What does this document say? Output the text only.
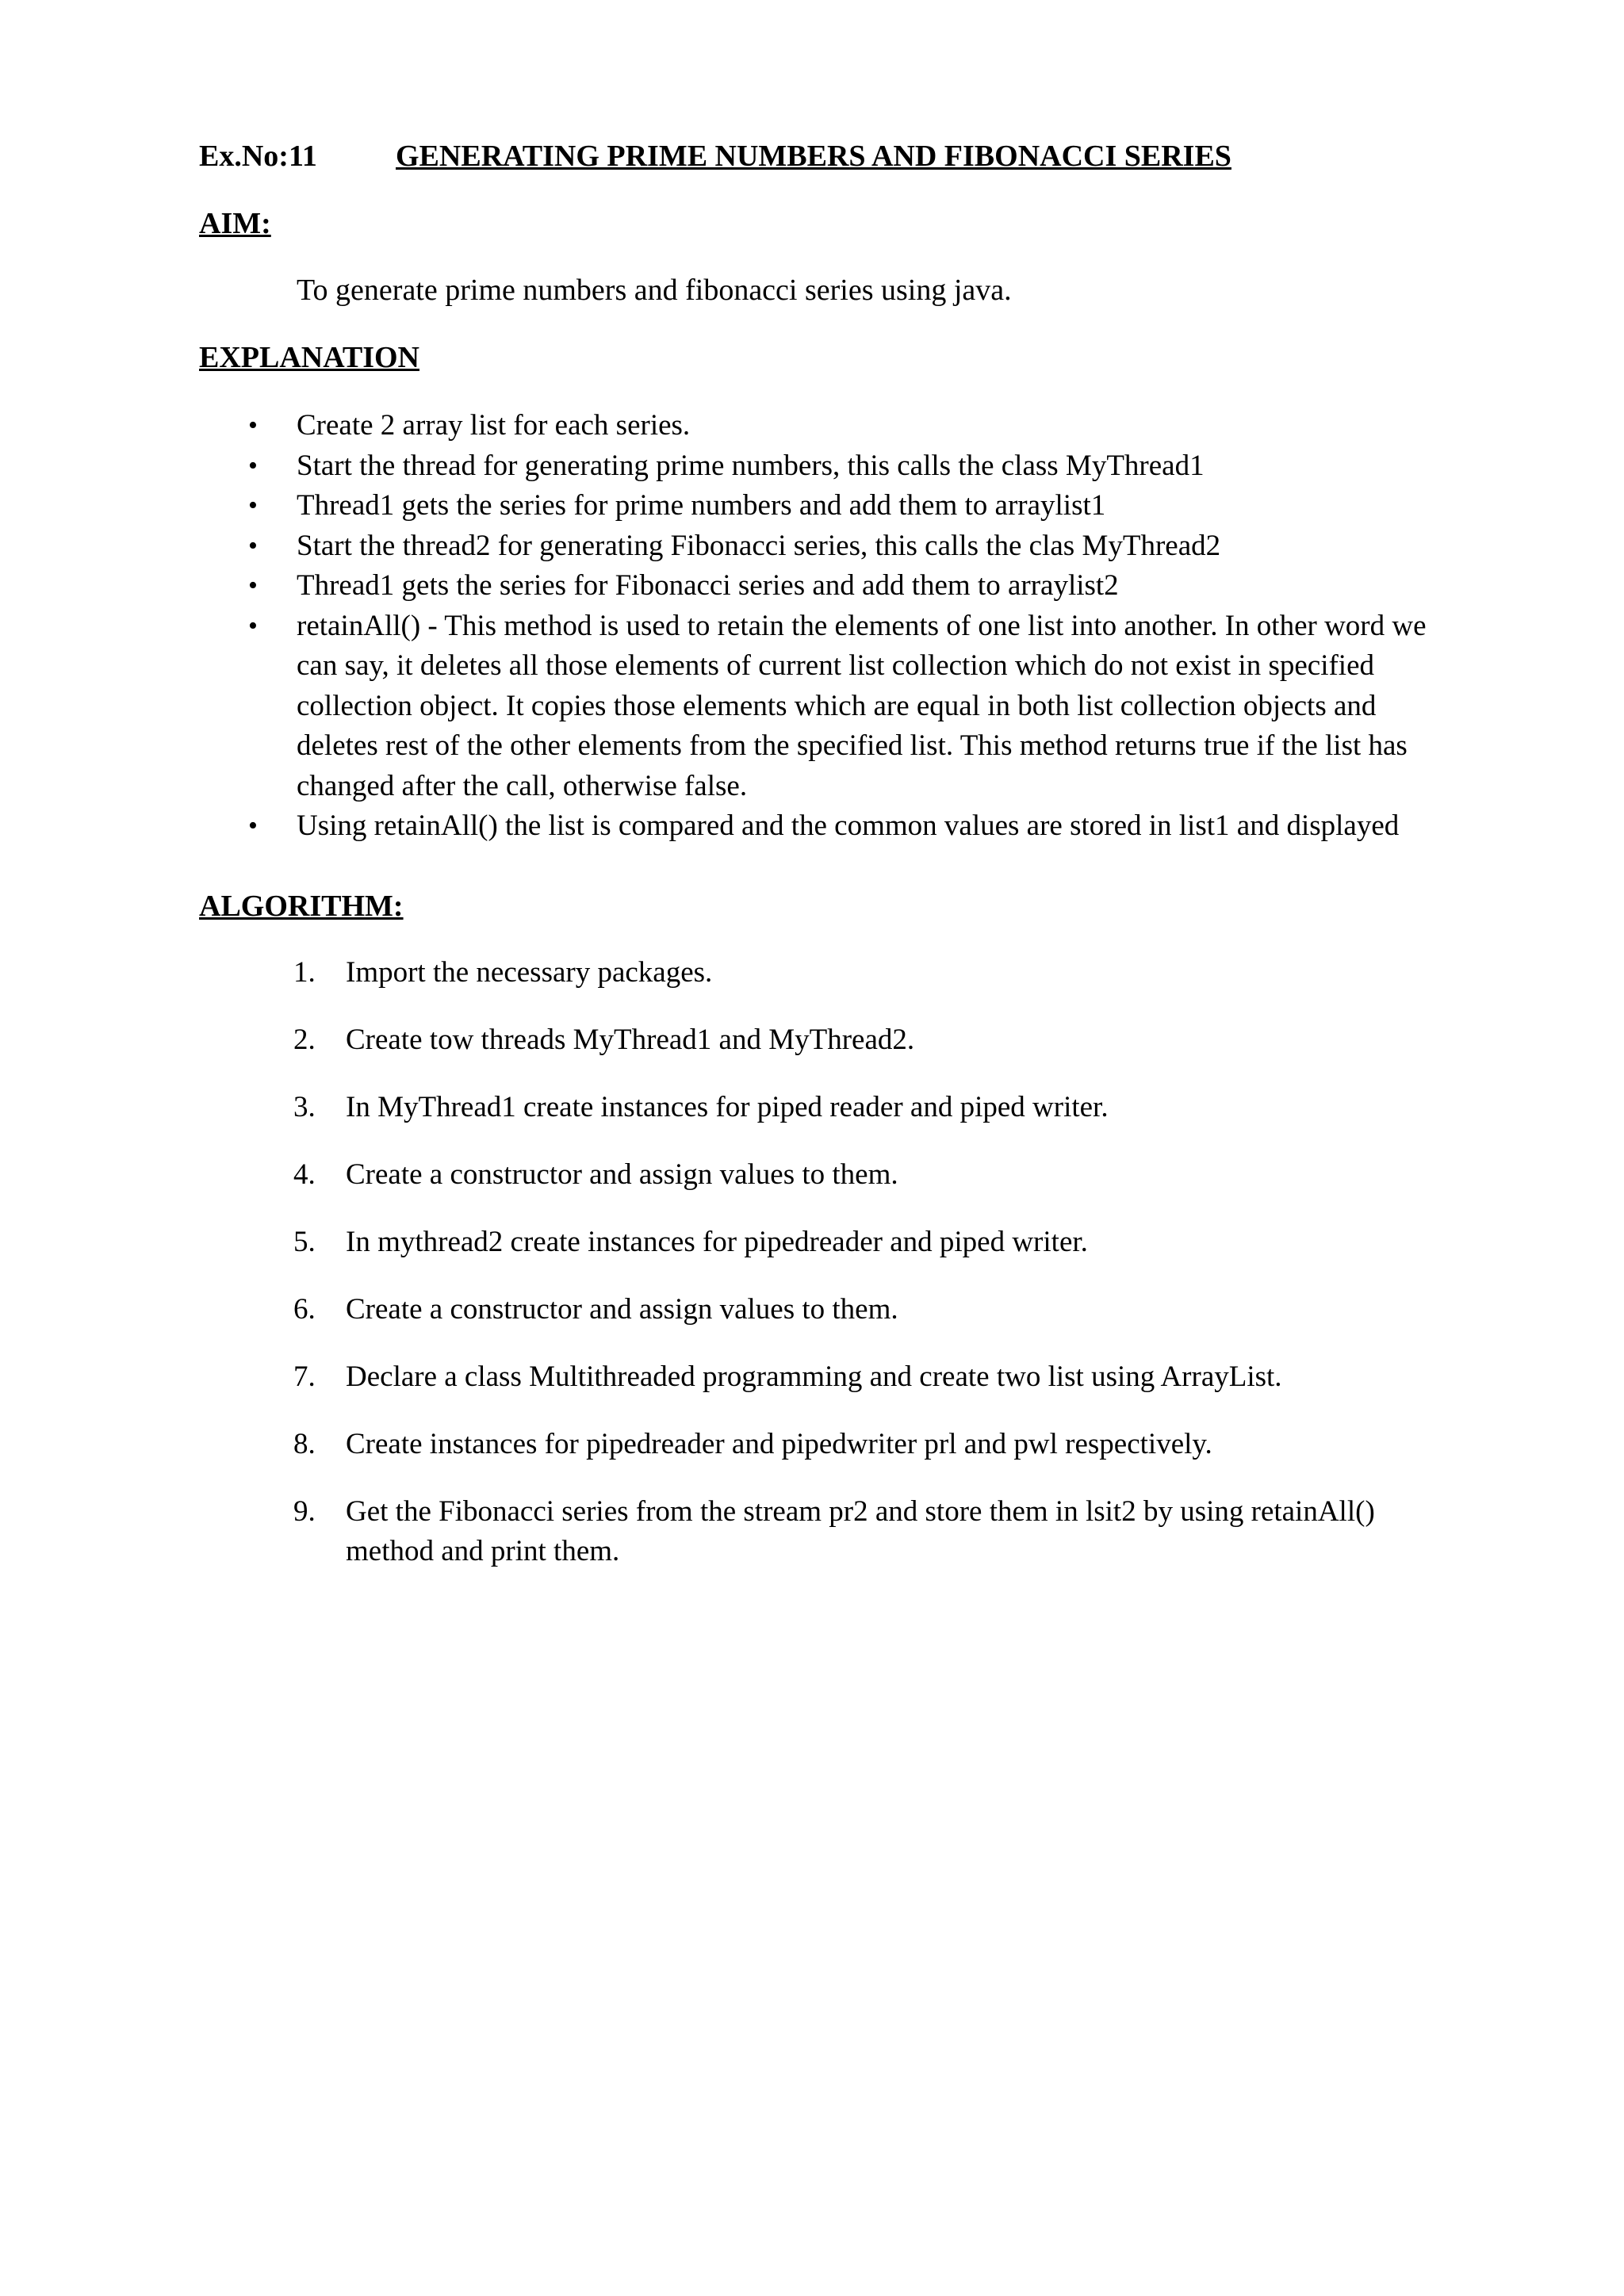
Ex.No:11	GENERATING PRIME NUMBERS AND FIBONACCI SERIES
AIM:
To generate prime numbers and fibonacci series using java.
EXPLANATION
• Create 2 array list for each series.
• Start the thread for generating prime numbers, this calls the class MyThread1
• Thread1 gets the series for prime numbers and add them to arraylist1
• Start the thread2 for generating Fibonacci series, this calls the clas MyThread2
• Thread1 gets the series for Fibonacci series and add them to arraylist2
• retainAll() - This method is used to retain the elements of one list into another. In other word we can say, it deletes all those elements of current list collection which do not exist in specified collection object. It copies those elements which are equal in both list collection objects and deletes rest of the other elements from the specified list. This method returns true if the list has changed after the call, otherwise false.
• Using retainAll() the list is compared and the common values are stored in list1 and displayed
ALGORITHM:
1. Import the necessary packages.
2. Create tow threads MyThread1 and MyThread2.
3. In MyThread1 create instances for piped reader and piped writer.
4. Create a constructor and assign values to them.
5. In mythread2 create instances for pipedreader and piped writer.
6. Create a constructor and assign values to them.
7. Declare a class Multithreaded programming and create two list using ArrayList.
8. Create instances for pipedreader and pipedwriter prl and pwl respectively.
9. Get the Fibonacci series from the stream pr2 and store them in lsit2 by using retainAll() method and print them.
